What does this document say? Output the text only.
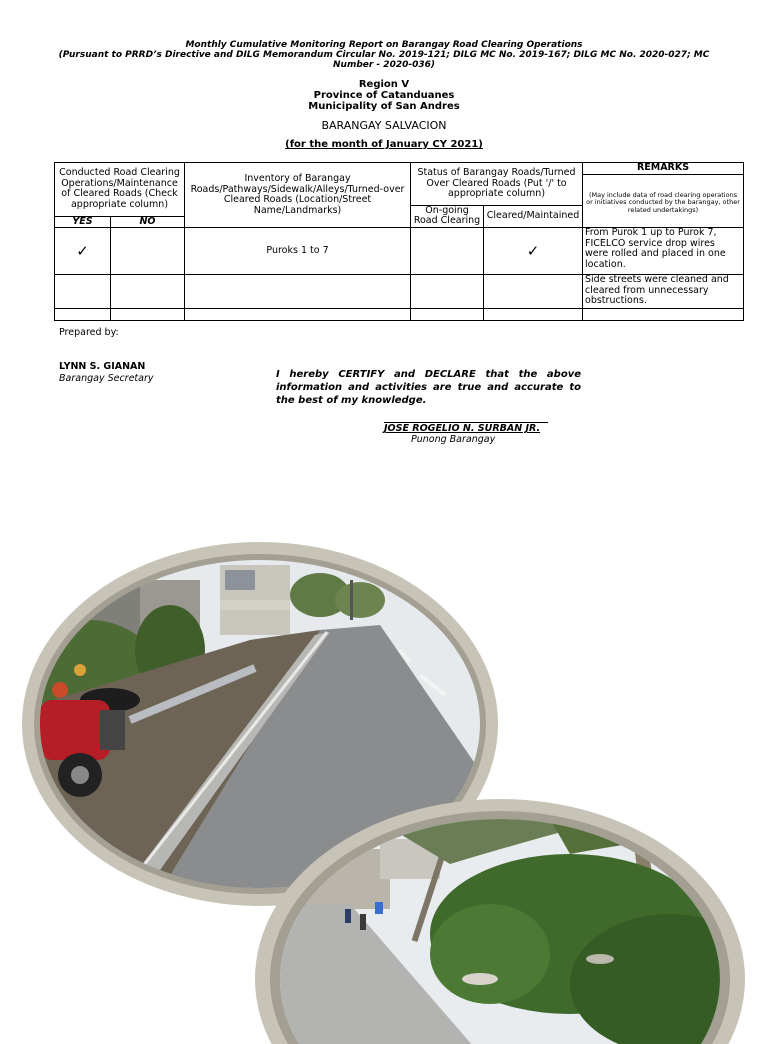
Monthly Cumulative Monitoring Report on Barangay Road Clearing Operations
(Pursuant to PRRD’s Directive and DILG Memorandum Circular No. 2019-121; DILG MC No. 2019-167; DILG MC No. 2020-027; MC Number - 2020-036)
Region V
Province of Catanduanes
Municipality of San Andres
BARANGAY SALVACION
(for the month of January CY 2021)
Conducted Road Clearing Operations/Maintenance of Cleared Roads (Check appropriate column)		Inventory of Barangay Roads/Pathways/Sidewalk/Alleys/Turned-over Cleared Roads (Location/Street Name/Landmarks)	Status of Barangay Roads/Turned Over Cleared Roads (Put '/' to appropriate column)		REMARKS

					(May include data of road clearing operations or initiatives conducted by the barangay, other related undertakings)

			On-going Road Clearing	Cleared/Maintained	
YES	NO				
✓		Puroks 1 to 7		✓	From Purok 1 up to Purok 7, FICELCO service drop wires were rolled and placed in one location.
					Side streets were cleaned and cleared from unnecessary obstructions.

Prepared by:
LYNN S. GIANAN
Barangay Secretary	I hereby CERTIFY and DECLARE that the above information and activities are true and accurate to the best of my knowledge.
JOSE ROGELIO N. SURBAN JR.
Punong Barangay
